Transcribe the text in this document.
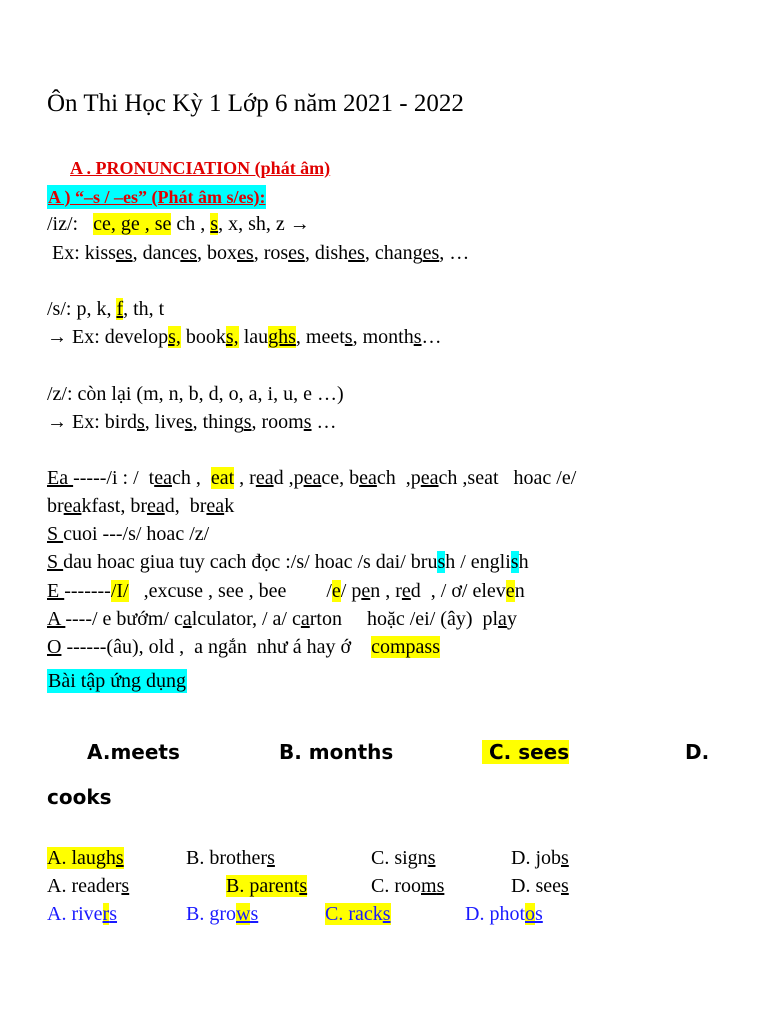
Ôn Thi Học Kỳ 1 Lớp 6 năm 2021 - 2022
A . PRONUNCIATION (phát âm)
A ) “–s / –es” (Phát âm s/es):
/iz/:   ce, ge , se ch , s, x, sh, z →
Ex: kisses, dances, boxes, roses, dishes, changes, …
/s/: p, k, f, th, t
→ Ex: develops, books, laughs, meets, months…
/z/: còn lại (m, n, b, d, o, a, i, u, e …)
→ Ex: birds, lives, things, rooms …
Ea -----/i : /  teach ,  eat , read ,peace, beach  ,peach ,seat   hoac /e/
breakfast, bread,  break
S cuoi ---/s/ hoac /z/
S dau hoac giua tuy cach đọc :/s/ hoac /s dai/ brush / english
E -------/I/   ,excuse , see , bee        /e/ pen , red  , / ơ/ eleven
A ----/ e bướm/ calculator, / a/ carton     hoặc /ei/ (ây)  play
O ------(âu), old ,  a ngắn  như á hay ớ    compass
Bài tập ứng dụng
A.meets	B. months	C. sees	D.
cooks
A. laughs	B. brothers	C. signs	D. jobs
A. readers	B. parents	C. rooms	D. sees
A. rivers	B. grows	C. racks	D. photos
